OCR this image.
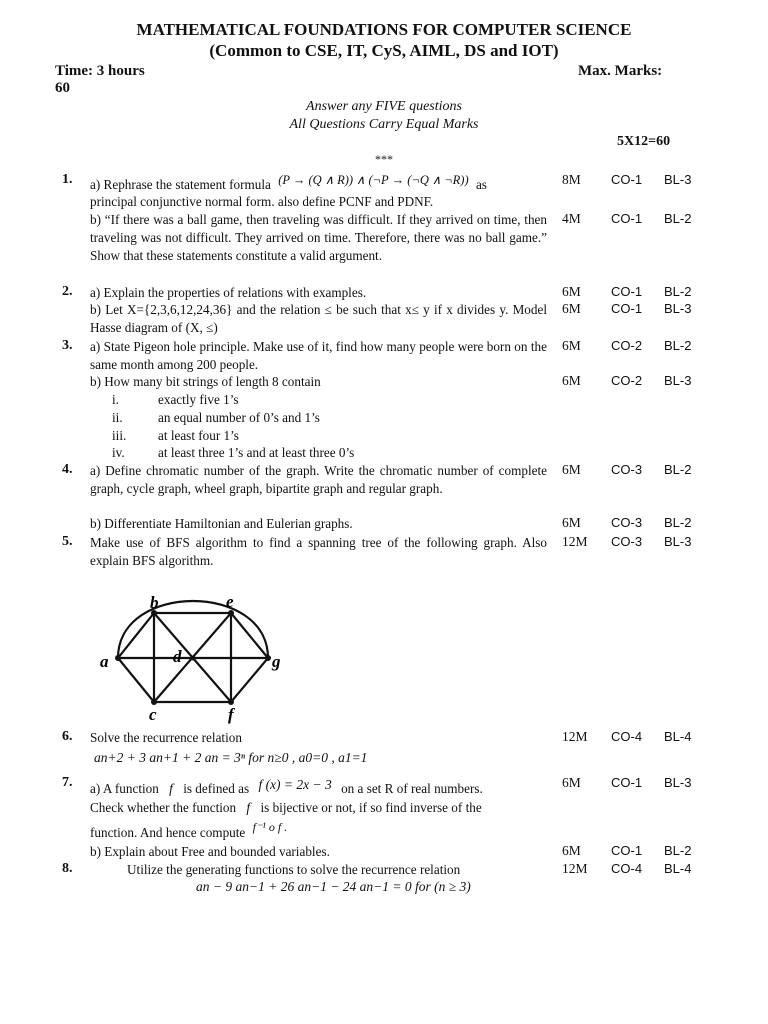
MATHEMATICAL FOUNDATIONS FOR COMPUTER SCIENCE
(Common to CSE, IT, CyS, AIML, DS and IOT)
Time: 3 hours	Max. Marks:
60
Answer any FIVE questions
All Questions Carry Equal Marks
5X12=60
***
1. a) Rephrase the statement formula (P → (Q ∧ R)) ∧ (¬P → (¬Q ∧ ¬R)) as
principal conjunctive normal form. also define PCNF and PDNF.
8M CO-1 BL-3
b) “If there was a ball game, then traveling was difficult. If they arrived on time, then traveling was not difficult. They arrived on time. Therefore, there was no ball game.” Show that these statements constitute a valid argument.
4M CO-1 BL-2
2. a) Explain the properties of relations with examples.	6M CO-1 BL-2
b) Let X={2,3,6,12,24,36} and the relation ≤ be such that x≤ y if x divides y. Model Hasse diagram of (X, ≤)
6M CO-1 BL-3
3. a) State Pigeon hole principle. Make use of it, find how many people were born on the same month among 200 people.
6M CO-2 BL-2
b) How many bit strings of length 8 contain	6M CO-2 BL-3
i.	exactly five 1’s
ii.	an equal number of 0’s and 1’s
iii. at least four 1’s
iv.	at least three 1’s and at least three 0’s
4. a) Define chromatic number of the graph. Write the chromatic number of complete graph, cycle graph, wheel graph, bipartite graph and regular graph.
6M CO-3 BL-2
b) Differentiate Hamiltonian and Eulerian graphs.	6M CO-3 BL-2
5. Make use of BFS algorithm to find a spanning tree of the following graph. Also explain BFS algorithm.
12M CO-3 BL-3
a
b
c
d
e
f
g
6. Solve the recurrence relation
an+2 + 3 an+1 + 2 an = 3ⁿ for n≥0 , a0=0 , a1=1
12M CO-4 BL-4
7. a) A function f is defined as f (x) = 2x − 3 on a set R of real numbers.
Check whether the function f is bijective or not, if so find inverse of the
function. And hence compute f⁻¹ o f .
6M CO-1 BL-3
b) Explain about Free and bounded variables.	6M CO-1 BL-2
8.	Utilize the generating functions to solve the recurrence relation
an − 9 an−1 + 26 an−1 − 24 an−1 = 0 for (n ≥ 3)
12M CO-4 BL-4
